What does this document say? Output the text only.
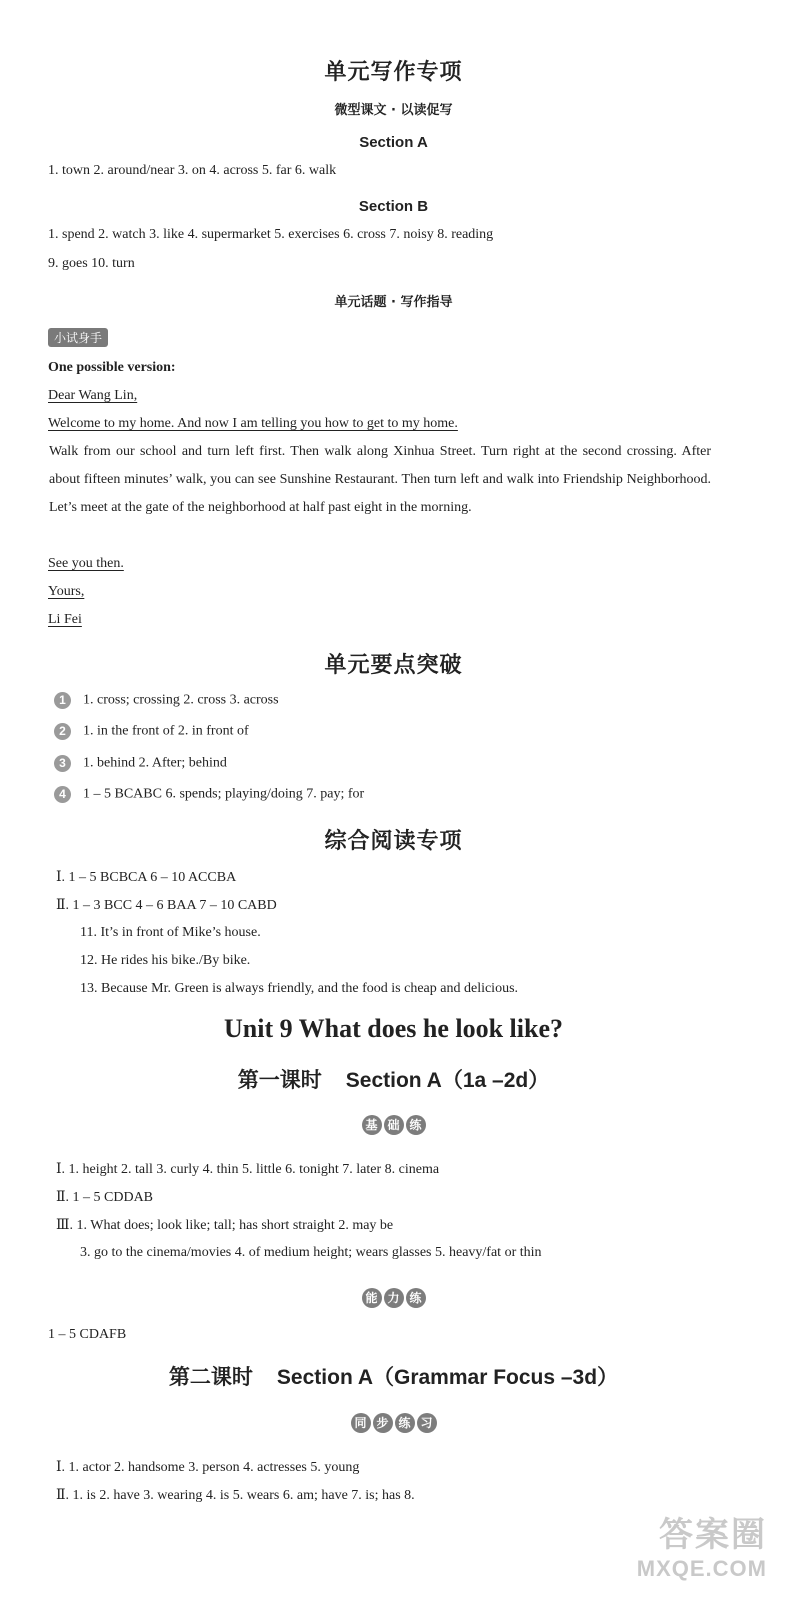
单元写作专项
微型课文 · 以读促写
Section A
1. town 2. around/near 3. on 4. across 5. far 6. walk
Section B
1. spend 2. watch 3. like 4. supermarket 5. exercises 6. cross 7. noisy 8. reading
9. goes 10. turn
单元话题 · 写作指导
小试身手
One possible version:
Dear Wang Lin,
Welcome to my home. And now I am telling you how to get to my home.
Walk from our school and turn left first. Then walk along Xinhua Street. Turn right at the second crossing. After about fifteen minutes’ walk, you can see Sunshine Restaurant. Then turn left and walk into Friendship Neighborhood. Let’s meet at the gate of the neighborhood at half past eight in the morning.
See you then.
Yours,
Li Fei
单元要点突破
1 1. cross; crossing 2. cross 3. across
2 1. in the front of 2. in front of
3 1. behind 2. After; behind
4 1 – 5 BCABC 6. spends; playing/doing 7. pay; for
综合阅读专项
Ⅰ. 1 – 5 BCBCA 6 – 10 ACCBA
Ⅱ. 1 – 3 BCC 4 – 6 BAA 7 – 10 CABD
11. It’s in front of Mike’s house.
12. He rides his bike./By bike.
13. Because Mr. Green is always friendly, and the food is cheap and delicious.
Unit 9 What does he look like?
第一课时 Section A（1a –2d）
基 础 练
Ⅰ. 1. height 2. tall 3. curly 4. thin 5. little 6. tonight 7. later 8. cinema
Ⅱ. 1 – 5 CDDAB
Ⅲ. 1. What does; look like; tall; has short straight 2. may be
3. go to the cinema/movies 4. of medium height; wears glasses 5. heavy/fat or thin
能 力 练
1 – 5 CDAFB
第二课时 Section A（Grammar Focus –3d）
同 步 练 习
Ⅰ. 1. actor 2. handsome 3. person 4. actresses 5. young
Ⅱ. 1. is 2. have 3. wearing 4. is 5. wears 6. am; have 7. is; has 8.
答案圈
MXQE.COM
